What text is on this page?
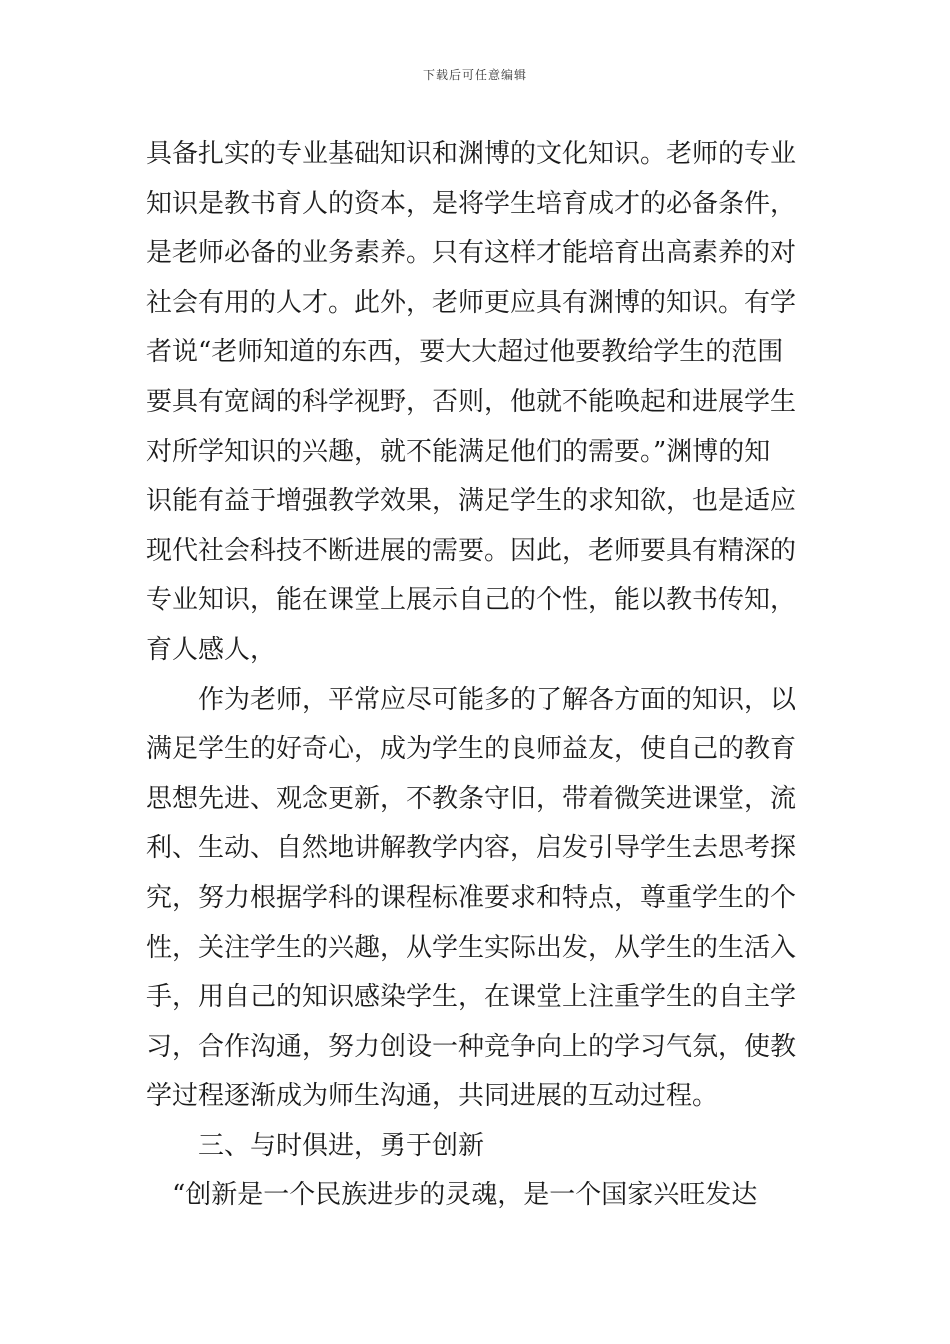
下载后可任意编辑
具备扎实的专业基础知识和渊博的文化知识。老师的专业
知识是教书育人的资本，是将学生培育成才的必备条件，
是老师必备的业务素养。只有这样才能培育出高素养的对
社会有用的人才。此外，老师更应具有渊博的知识。有学
者说“老师知道的东西，要大大超过他要教给学生的范围
要具有宽阔的科学视野，否则，他就不能唤起和进展学生
对所学知识的兴趣，就不能满足他们的需要。”渊博的知
识能有益于增强教学效果，满足学生的求知欲，也是适应
现代社会科技不断进展的需要。因此，老师要具有精深的
专业知识，能在课堂上展示自己的个性，能以教书传知，
育人感人，
作为老师，平常应尽可能多的了解各方面的知识，以
满足学生的好奇心，成为学生的良师益友，使自己的教育
思想先进、观念更新，不教条守旧，带着微笑进课堂，流
利、生动、自然地讲解教学内容，启发引导学生去思考探
究，努力根据学科的课程标准要求和特点，尊重学生的个
性，关注学生的兴趣，从学生实际出发，从学生的生活入
手，用自己的知识感染学生，在课堂上注重学生的自主学
习，合作沟通，努力创设一种竞争向上的学习气氛，使教
学过程逐渐成为师生沟通，共同进展的互动过程。
三、与时俱进，勇于创新
“创新是一个民族进步的灵魂，是一个国家兴旺发达
